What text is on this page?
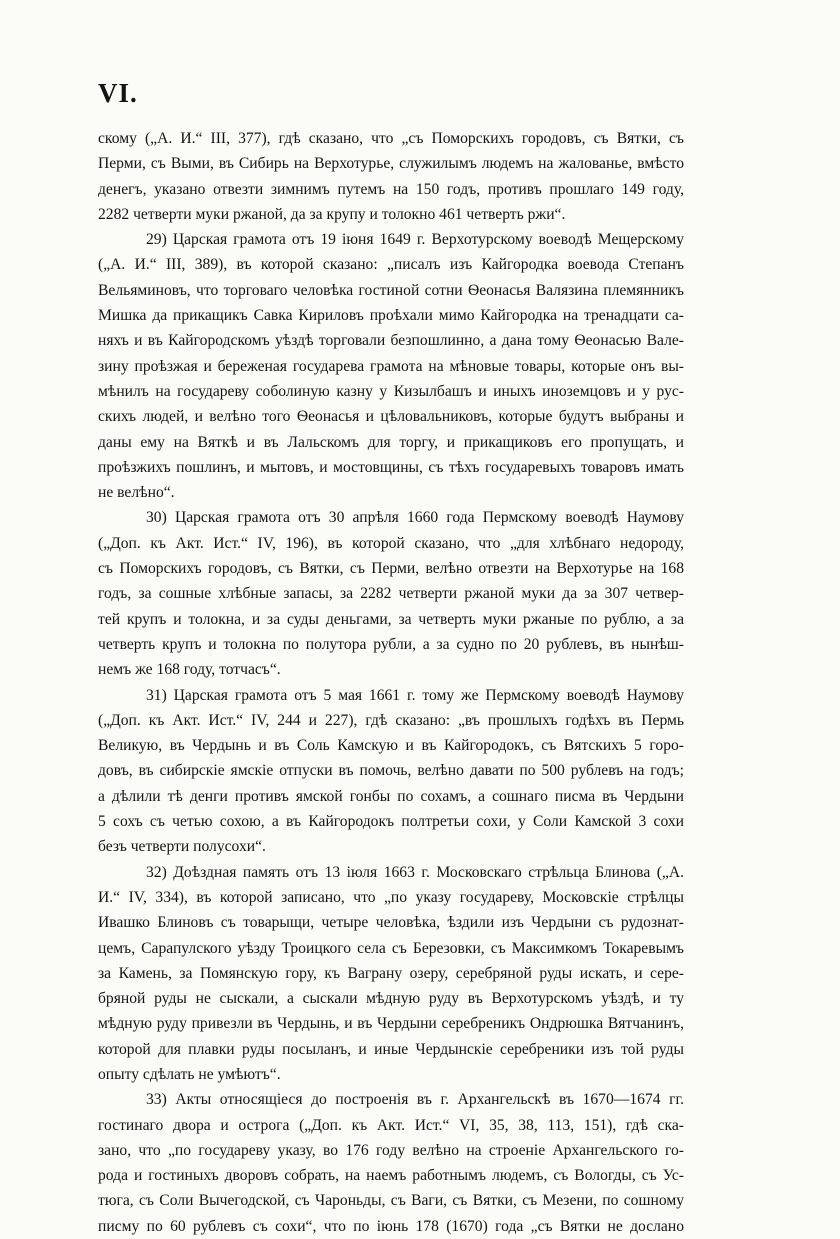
VI.
скому („А. И.“ III, 377), гдѣ сказано, что „съ Поморскихъ городовъ, съ Вятки, съ
Перми, съ Выми, въ Сибирь на Верхотурье, служилымъ людемъ на жалованье, вмѣсто
денегъ, указано отвезти зимнимъ путемъ на 150 годъ, противъ прошлаго 149 году,
2282 четверти муки ржаной, да за крупу и толокно 461 четверть ржи“.
29) Царская грамота отъ 19 іюня 1649 г. Верхотурскому воеводѣ Мещерскому
(„А. И.“ III, 389), въ которой сказано: „писалъ изъ Кайгородка воевода Степанъ
Вельяминовъ, что торговаго человѣка гостиной сотни Ѳеонасья Валязина племянникъ
Мишка да прикащикъ Савка Кириловъ проѣхали мимо Кайгородка на тренадцати са-
няхъ и въ Кайгородскомъ уѣздѣ торговали безпошлинно, а дана тому Ѳеонасью Вале-
зину проѣзжая и береженая государева грамота на мѣновые товары, которые онъ вы-
мѣнилъ на государеву соболиную казну у Кизылбашъ и иныхъ иноземцовъ и у рус-
скихъ людей, и велѣно того Ѳеонасья и цѣловальниковъ, которые будутъ выбраны и
даны ему на Вяткѣ и въ Лальскомъ для торгу, и прикащиковъ его пропущать, и
проѣзжихъ пошлинъ, и мытовъ, и мостовщины, съ тѣхъ государевыхъ товаровъ имать
не велѣно“.
30) Царская грамота отъ 30 апрѣля 1660 года Пермскому воеводѣ Наумову
(„Доп. къ Акт. Ист.“ IV, 196), въ которой сказано, что „для хлѣбнаго недороду,
съ Поморскихъ городовъ, съ Вятки, съ Перми, велѣно отвезти на Верхотурье на 168
годъ, за сошные хлѣбные запасы, за 2282 четверти ржаной муки да за 307 четвер-
тей крупъ и толокна, и за суды деньгами, за четверть муки ржаные по рублю, а за
четверть крупъ и толокна по полутора рубли, а за судно по 20 рублевъ, въ нынѣш-
немъ же 168 году, тотчасъ“.
31) Царская грамота отъ 5 мая 1661 г. тому же Пермскому воеводѣ Наумову
(„Доп. къ Акт. Ист.“ IV, 244 и 227), гдѣ сказано: „въ прошлыхъ годѣхъ въ Пермь
Великую, въ Чердынь и въ Соль Камскую и въ Кайгородокъ, съ Вятскихъ 5 горо-
довъ, въ сибирскіе ямскіе отпуски въ помочь, велѣно давати по 500 рублевъ на годъ;
а дѣлили тѣ денги противъ ямской гонбы по сохамъ, а сошнаго писма въ Чердыни
5 сохъ съ четью сохою, а въ Кайгородокъ полтретьи сохи, у Соли Камской 3 сохи
безъ четверти полусохи“.
32) Доѣздная память отъ 13 іюля 1663 г. Московскаго стрѣльца Блинова („А.
И.“ IV, 334), въ которой записано, что „по указу государеву, Московскіе стрѣлцы
Ивашко Блиновъ съ товарыщи, четыре человѣка, ѣздили изъ Чердыни съ рудознат-
цемъ, Сарапулского уѣзду Троицкого села съ Березовки, съ Максимкомъ Токаревымъ
за Камень, за Помянскую гору, къ Ваграну озеру, серебряной руды искать, и сере-
бряной руды не сыскали, а сыскали мѣдную руду въ Верхотурскомъ уѣздѣ, и ту
мѣдную руду привезли въ Чердынь, и въ Чердыни серебреникъ Ондрюшка Вятчанинъ,
которой для плавки руды посыланъ, и иные Чердынскіе серебреники изъ той руды
опыту сдѣлать не умѣютъ“.
33) Акты относящіеся до построенія въ г. Архангельскѣ въ 1670—1674 гг.
гостинаго двора и острога („Доп. къ Акт. Ист.“ VI, 35, 38, 113, 151), гдѣ ска-
зано, что „по государеву указу, во 176 году велѣно на строеніе Архангельского го-
рода и гостиныхъ дворовъ собрать, на наемъ работнымъ людемъ, съ Вологды, съ Ус-
тюга, съ Соли Вычегодской, съ Чароньды, съ Ваги, съ Вятки, съ Мезени, по сошному
писму по 60 рублевъ съ сохи“, что по іюнь 178 (1670) года „съ Вятки не дослано
